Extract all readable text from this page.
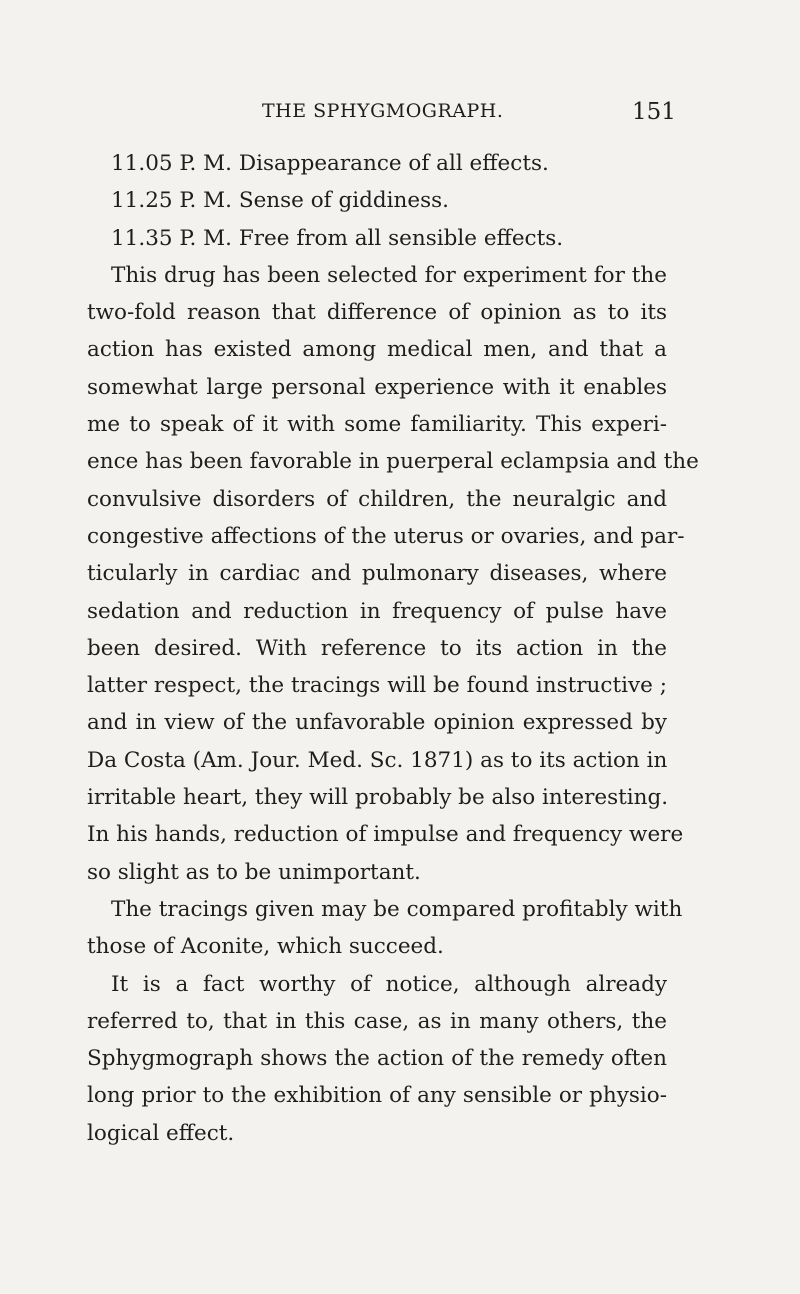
THE SPHYGMOGRAPH.	151
11.05 P. M. Disappearance of all effects.
11.25 P. M. Sense of giddiness.
11.35 P. M. Free from all sensible effects.
This drug has been selected for experiment for the
two-fold reason that difference of opinion as to its
action has existed among medical men, and that a
somewhat large personal experience with it enables
me to speak of it with some familiarity. This experi-
ence has been favorable in puerperal eclampsia and the
convulsive disorders of children, the neuralgic and
congestive affections of the uterus or ovaries, and par-
ticularly in cardiac and pulmonary diseases, where
sedation and reduction in frequency of pulse have
been desired. With reference to its action in the
latter respect, the tracings will be found instructive ;
and in view of the unfavorable opinion expressed by
Da Costa (Am. Jour. Med. Sc. 1871) as to its action in
irritable heart, they will probably be also interesting.
In his hands, reduction of impulse and frequency were
so slight as to be unimportant.
The tracings given may be compared profitably with
those of Aconite, which succeed.
It is a fact worthy of notice, although already
referred to, that in this case, as in many others, the
Sphygmograph shows the action of the remedy often
long prior to the exhibition of any sensible or physio-
logical effect.
